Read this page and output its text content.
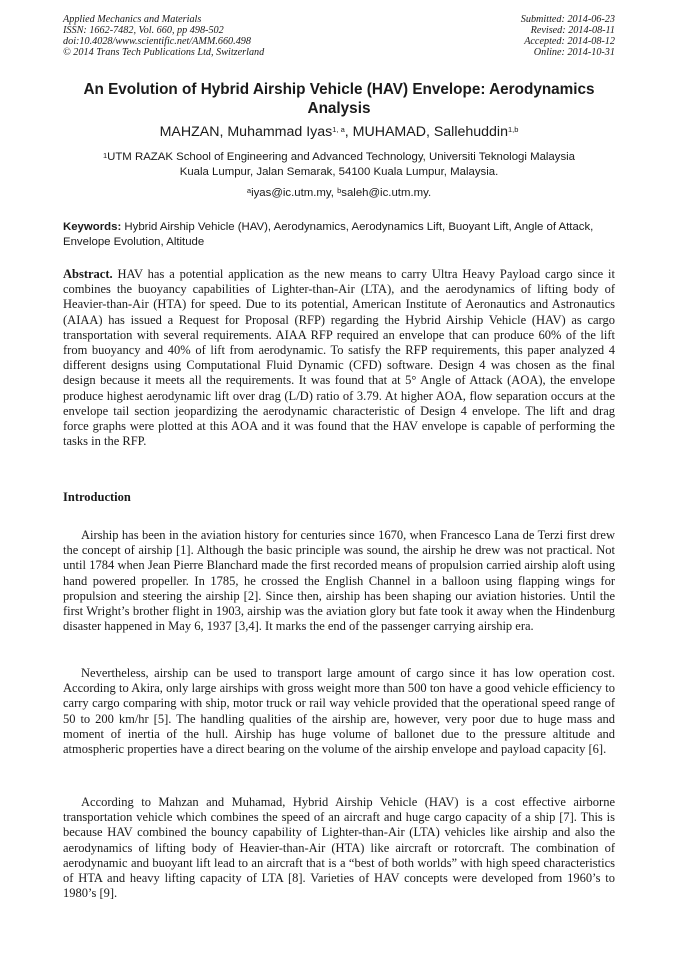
Applied Mechanics and Materials
ISSN: 1662-7482, Vol. 660, pp 498-502
doi:10.4028/www.scientific.net/AMM.660.498
© 2014 Trans Tech Publications Ltd, Switzerland
Submitted: 2014-06-23
Revised: 2014-08-11
Accepted: 2014-08-12
Online: 2014-10-31
An Evolution of Hybrid Airship Vehicle (HAV) Envelope: Aerodynamics Analysis
MAHZAN, Muhammad Iyas$^{1, a}$, MUHAMAD, Sallehuddin$^{1,b}$
$^1$UTM RAZAK School of Engineering and Advanced Technology, Universiti Teknologi Malaysia
Kuala Lumpur, Jalan Semarak, 54100 Kuala Lumpur, Malaysia.
$^a$iyas@ic.utm.my, $^b$saleh@ic.utm.my.
Keywords: Hybrid Airship Vehicle (HAV), Aerodynamics, Aerodynamics Lift, Buoyant Lift, Angle of Attack, Envelope Evolution, Altitude
Abstract. HAV has a potential application as the new means to carry Ultra Heavy Payload cargo since it combines the buoyancy capabilities of Lighter-than-Air (LTA), and the aerodynamics of lifting body of Heavier-than-Air (HTA) for speed. Due to its potential, American Institute of Aeronautics and Astronautics (AIAA) has issued a Request for Proposal (RFP) regarding the Hybrid Airship Vehicle (HAV) as cargo transportation with several requirements. AIAA RFP required an envelope that can produce 60% of the lift from buoyancy and 40% of lift from aerodynamic. To satisfy the RFP requirements, this paper analyzed 4 different designs using Computational Fluid Dynamic (CFD) software. Design 4 was chosen as the final design because it meets all the requirements. It was found that at 5° Angle of Attack (AOA), the envelope produce highest aerodynamic lift over drag (L/D) ratio of 3.79. At higher AOA, flow separation occurs at the envelope tail section jeopardizing the aerodynamic characteristic of Design 4 envelope. The lift and drag force graphs were plotted at this AOA and it was found that the HAV envelope is capable of performing the tasks in the RFP.
Introduction

Airship has been in the aviation history for centuries since 1670, when Francesco Lana de Terzi first drew the concept of airship [1]. Although the basic principle was sound, the airship he drew was not practical. Not until 1784 when Jean Pierre Blanchard made the first recorded means of propulsion carried airship aloft using hand powered propeller. In 1785, he crossed the English Channel in a balloon using flapping wings for propulsion and steering the airship [2]. Since then, airship has been shaping our aviation histories. Until the first Wright’s brother flight in 1903, airship was the aviation glory but fate took it away when the Hindenburg disaster happened in May 6, 1937 [3,4]. It marks the end of the passenger carrying airship era.

Nevertheless, airship can be used to transport large amount of cargo since it has low operation cost. According to Akira, only large airships with gross weight more than 500 ton have a good vehicle efficiency to carry cargo comparing with ship, motor truck or rail way vehicle provided that the operational speed range of 50 to 200 km/hr [5]. The handling qualities of the airship are, however, very poor due to huge mass and moment of inertia of the hull. Airship has huge volume of ballonet due to the pressure altitude and atmospheric properties have a direct bearing on the volume of the airship envelope and payload capacity [6].

According to Mahzan and Muhamad, Hybrid Airship Vehicle (HAV) is a cost effective airborne transportation vehicle which combines the speed of an aircraft and huge cargo capacity of a ship [7]. This is because HAV combined the bouncy capability of Lighter-than-Air (LTA) vehicles like airship and also the aerodynamics of lifting body of Heavier-than-Air (HTA) like aircraft or rotorcraft. The combination of aerodynamic and buoyant lift lead to an aircraft that is a “best of both worlds” with high speed characteristics of HTA and heavy lifting capacity of LTA [8]. Varieties of HAV concepts were developed from 1960’s to 1980’s [9].
